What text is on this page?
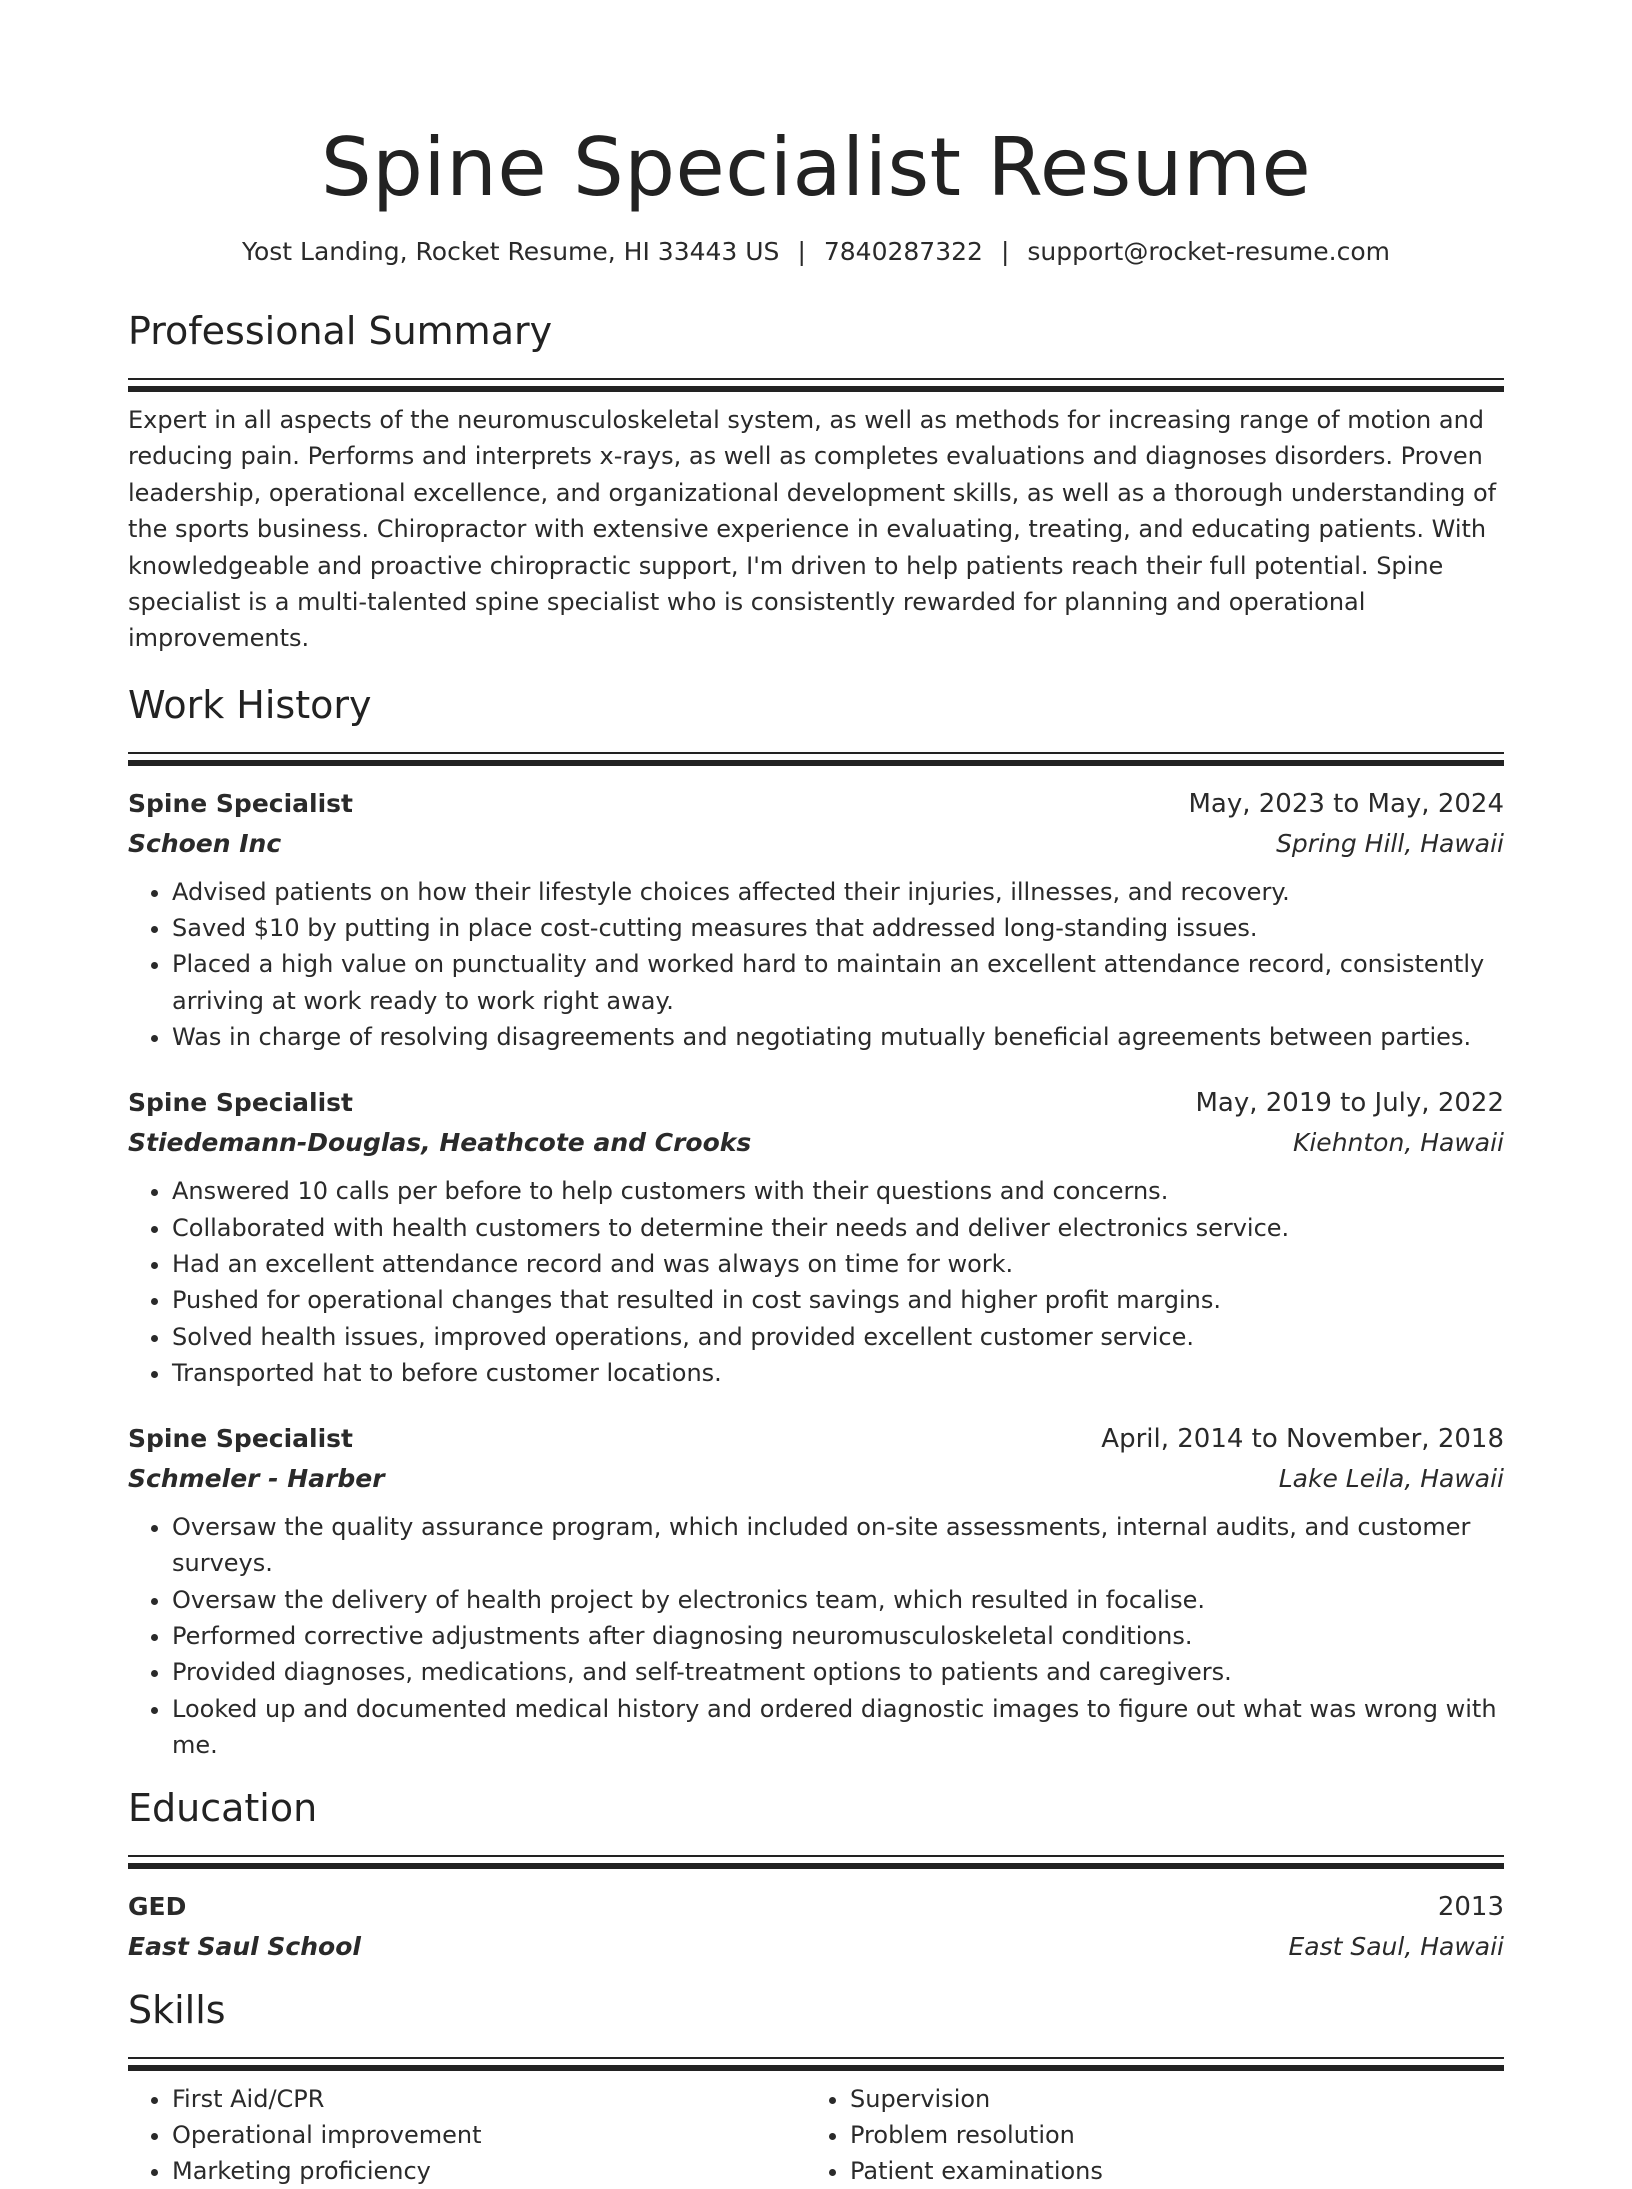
Spine Specialist Resume
Yost Landing, Rocket Resume, HI 33443 US | 7840287322 | support@rocket-resume.com
Professional Summary
Expert in all aspects of the neuromusculoskeletal system, as well as methods for increasing range of motion and reducing pain. Performs and interprets x-rays, as well as completes evaluations and diagnoses disorders. Proven leadership, operational excellence, and organizational development skills, as well as a thorough understanding of the sports business. Chiropractor with extensive experience in evaluating, treating, and educating patients. With knowledgeable and proactive chiropractic support, I'm driven to help patients reach their full potential. Spine specialist is a multi-talented spine specialist who is consistently rewarded for planning and operational improvements.
Work History
Spine Specialist	May, 2023 to May, 2024
Schoen Inc	Spring Hill, Hawaii
• Advised patients on how their lifestyle choices affected their injuries, illnesses, and recovery.
• Saved $10 by putting in place cost-cutting measures that addressed long-standing issues.
• Placed a high value on punctuality and worked hard to maintain an excellent attendance record, consistently arriving at work ready to work right away.
• Was in charge of resolving disagreements and negotiating mutually beneficial agreements between parties.
Spine Specialist	May, 2019 to July, 2022
Stiedemann-Douglas, Heathcote and Crooks	Kiehnton, Hawaii
• Answered 10 calls per before to help customers with their questions and concerns.
• Collaborated with health customers to determine their needs and deliver electronics service.
• Had an excellent attendance record and was always on time for work.
• Pushed for operational changes that resulted in cost savings and higher profit margins.
• Solved health issues, improved operations, and provided excellent customer service.
• Transported hat to before customer locations.
Spine Specialist	April, 2014 to November, 2018
Schmeler - Harber	Lake Leila, Hawaii
• Oversaw the quality assurance program, which included on-site assessments, internal audits, and customer surveys.
• Oversaw the delivery of health project by electronics team, which resulted in focalise.
• Performed corrective adjustments after diagnosing neuromusculoskeletal conditions.
• Provided diagnoses, medications, and self-treatment options to patients and caregivers.
• Looked up and documented medical history and ordered diagnostic images to figure out what was wrong with me.
Education
GED	2013
East Saul School	East Saul, Hawaii
Skills
• First Aid/CPR
• Operational improvement
• Marketing proficiency
• Supervision
• Problem resolution
• Patient examinations
